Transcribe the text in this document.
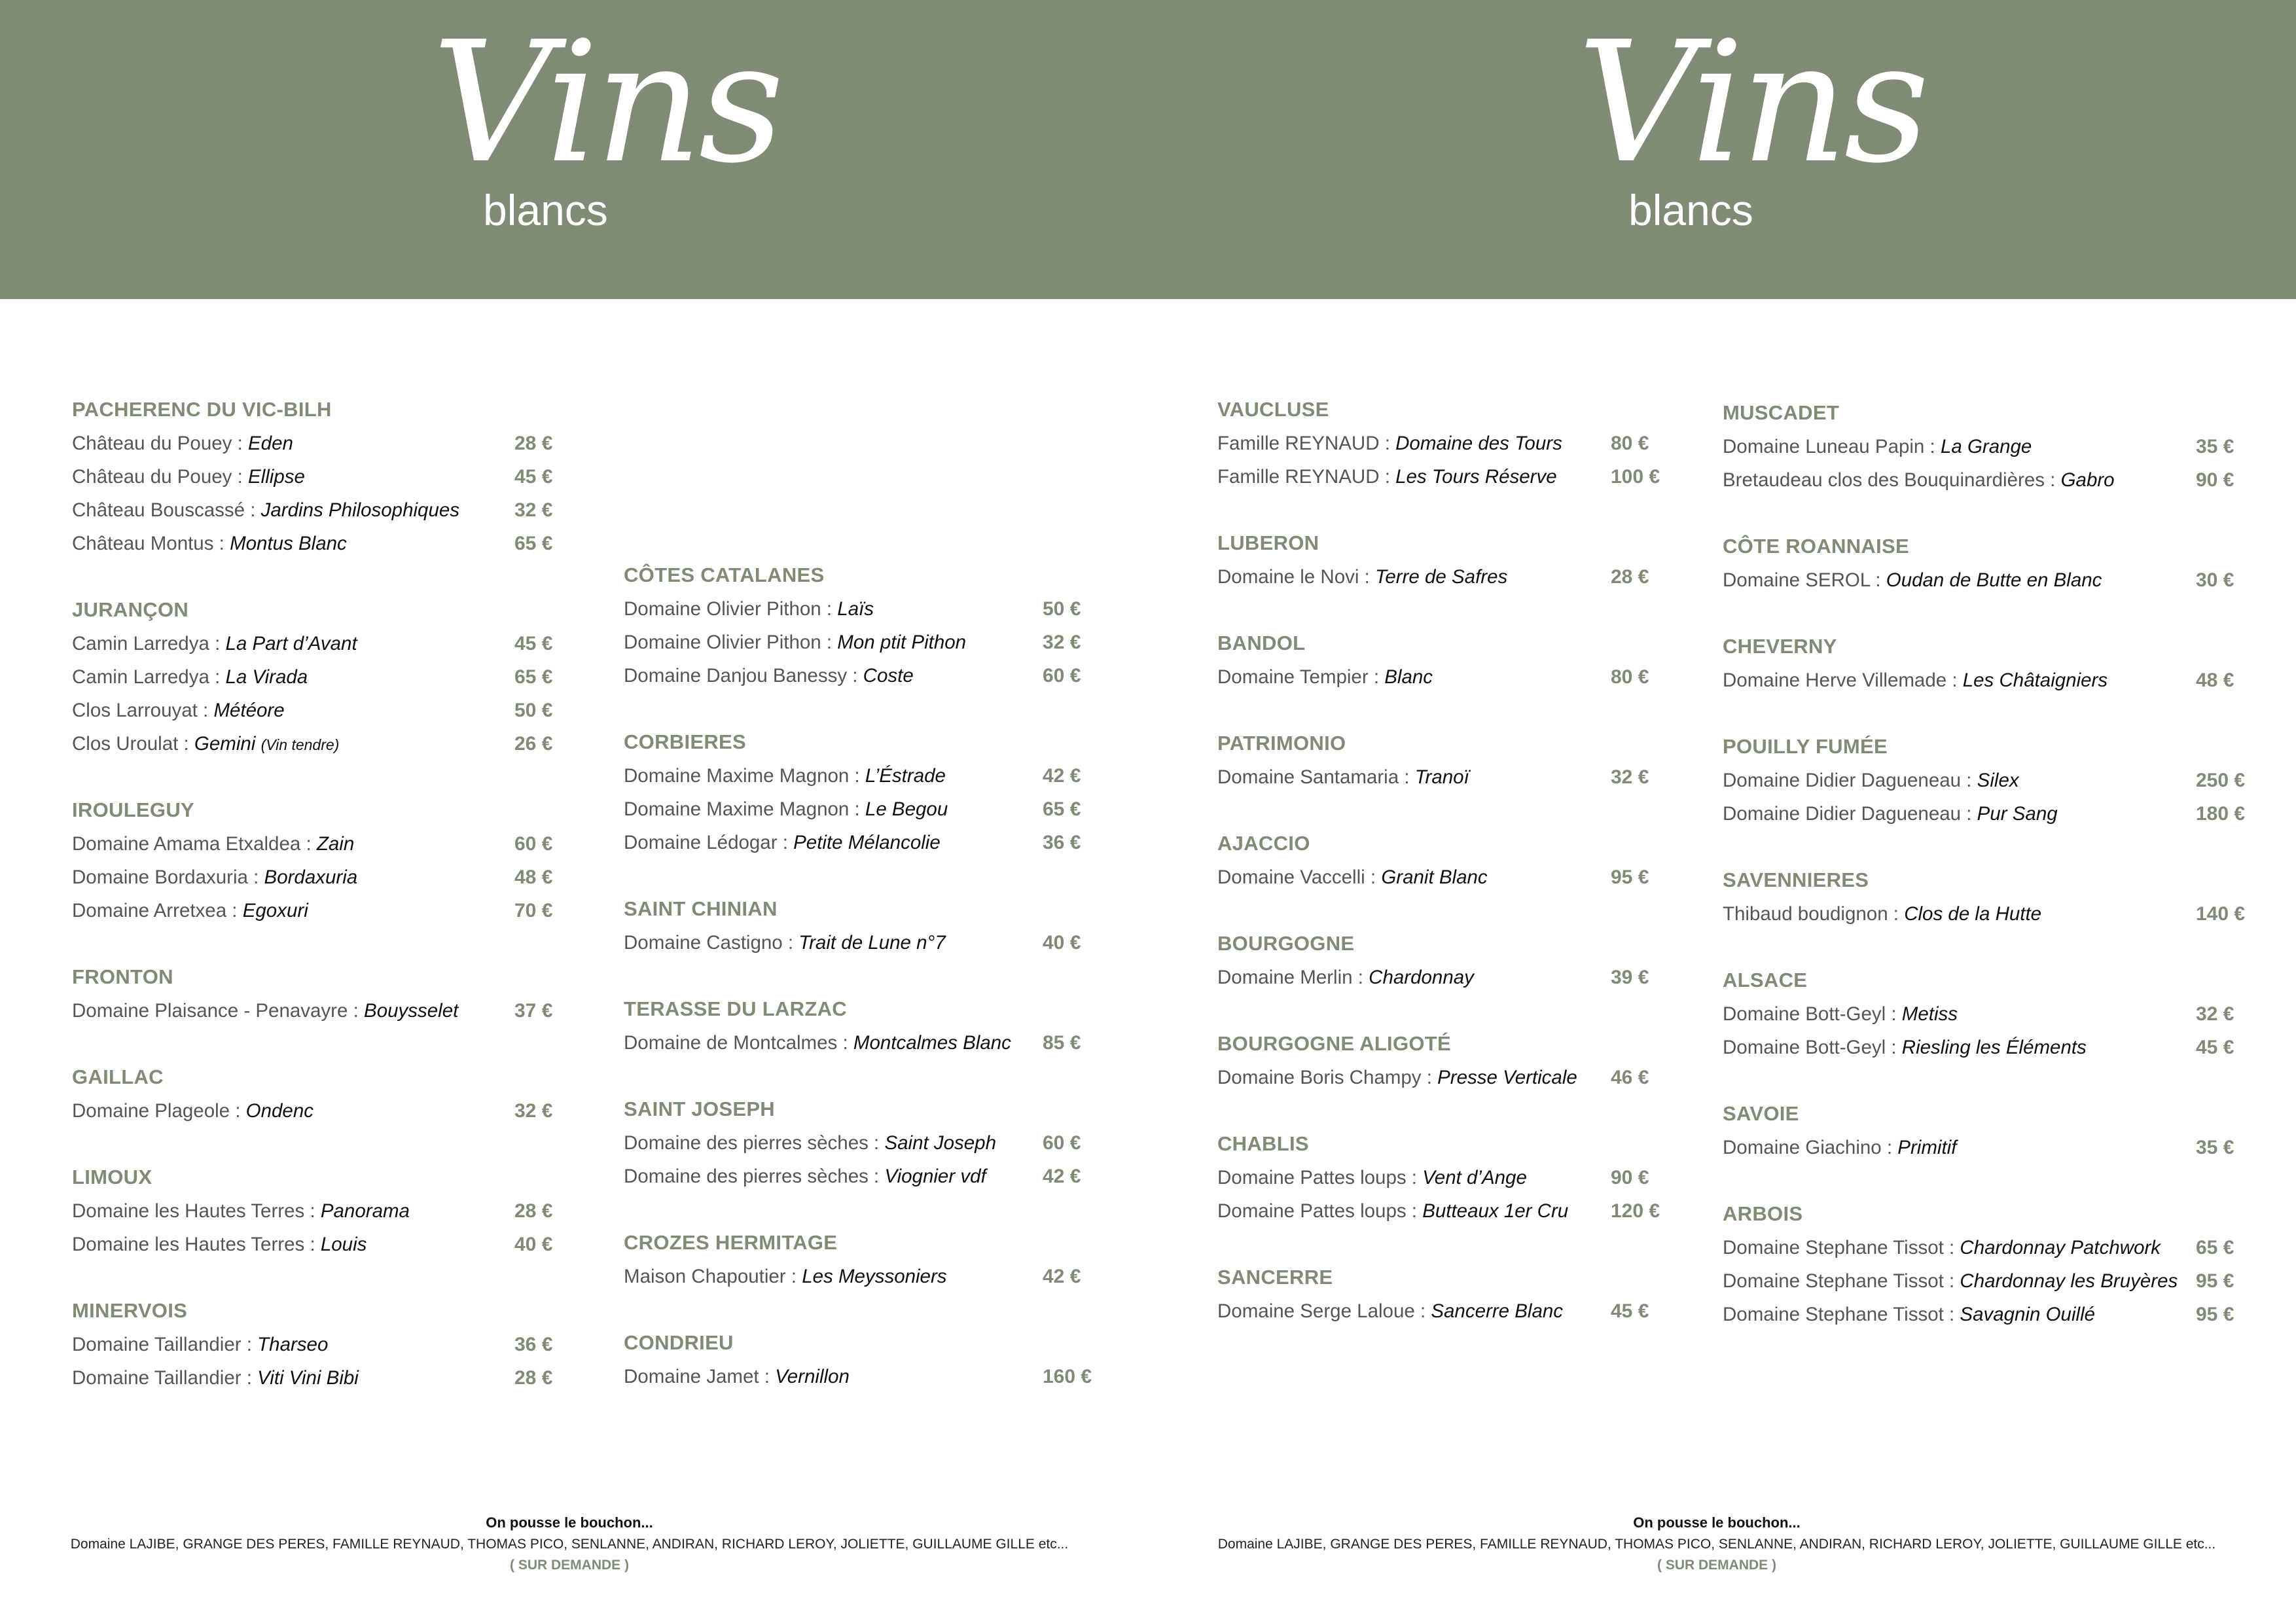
Vins
blancs
Vins
blancs
PACHERENC DU VIC-BILH
Château du Pouey : Eden	28 €
Château du Pouey : Ellipse	45 €
Château Bouscassé : Jardins Philosophiques	32 €
Château Montus : Montus Blanc	65 €
JURANÇON
Camin Larredya : La Part d’Avant	45 €
Camin Larredya : La Virada	65 €
Clos Larrouyat : Météore	50 €
Clos Uroulat : Gemini (Vin tendre)	26 €
IROULEGUY
Domaine Amama Etxaldea : Zain	60 €
Domaine Bordaxuria : Bordaxuria	48 €
Domaine Arretxea : Egoxuri	70 €
FRONTON
Domaine Plaisance - Penavayre : Bouysselet	37 €
GAILLAC
Domaine Plageole : Ondenc	32 €
LIMOUX
Domaine les Hautes Terres : Panorama	28 €
Domaine les Hautes Terres : Louis	40 €
MINERVOIS
Domaine Taillandier : Tharseo	36 €
Domaine Taillandier : Viti Vini Bibi	28 €
CÔTES CATALANES
Domaine Olivier Pithon : Laïs	50 €
Domaine Olivier Pithon : Mon ptit Pithon	32 €
Domaine Danjou Banessy : Coste	60 €
CORBIERES
Domaine Maxime Magnon : L’Éstrade	42 €
Domaine Maxime Magnon : Le Begou	65 €
Domaine Lédogar : Petite Mélancolie	36 €
SAINT CHINIAN
Domaine Castigno : Trait de Lune n°7	40 €
TERASSE DU LARZAC
Domaine de Montcalmes : Montcalmes Blanc 85 €
SAINT JOSEPH
Domaine des pierres sèches : Saint Joseph 60 €
Domaine des pierres sèches : Viognier vdf	42 €
CROZES HERMITAGE
Maison Chapoutier : Les Meyssoniers	42 €
CONDRIEU
Domaine Jamet : Vernillon	160 €
VAUCLUSE
Famille REYNAUD : Domaine des Tours 80 €
Famille REYNAUD : Les Tours Réserve	100 €
LUBERON
Domaine le Novi : Terre de Safres	28 €
BANDOL
Domaine Tempier : Blanc	80 €
PATRIMONIO
Domaine Santamaria : Tranoï	32 €
AJACCIO
Domaine Vaccelli : Granit Blanc	95 €
BOURGOGNE
Domaine Merlin : Chardonnay	39 €
BOURGOGNE ALIGOTÉ
Domaine Boris Champy : Presse Verticale 46 €
CHABLIS
Domaine Pattes loups : Vent d’Ange	90 €
Domaine Pattes loups : Butteaux 1er Cru 120 €
SANCERRE
Domaine Serge Laloue : Sancerre Blanc 45 €
MUSCADET
Domaine Luneau Papin : La Grange	35 €
Bretaudeau clos des Bouquinardières : Gabro	90 €
CÔTE ROANNAISE
Domaine SEROL : Oudan de Butte en Blanc	30 €
CHEVERNY
Domaine Herve Villemade : Les Châtaigniers	48 €
POUILLY FUMÉE
Domaine Didier Dagueneau : Silex	250 €
Domaine Didier Dagueneau : Pur Sang	180 €
SAVENNIERES
Thibaud boudignon : Clos de la Hutte	140 €
ALSACE
Domaine Bott-Geyl : Metiss	32 €
Domaine Bott-Geyl : Riesling les Éléments	45 €
SAVOIE
Domaine Giachino : Primitif	35 €
ARBOIS
Domaine Stephane Tissot : Chardonnay Patchwork 65 €
Domaine Stephane Tissot : Chardonnay les Bruyères 95 €
Domaine Stephane Tissot : Savagnin Ouillé	95 €
On pousse le bouchon...
Domaine LAJIBE, GRANGE DES PERES, FAMILLE REYNAUD, THOMAS PICO, SENLANNE, ANDIRAN, RICHARD LEROY, JOLIETTE, GUILLAUME GILLE etc...
( SUR DEMANDE )
On pousse le bouchon...
Domaine LAJIBE, GRANGE DES PERES, FAMILLE REYNAUD, THOMAS PICO, SENLANNE, ANDIRAN, RICHARD LEROY, JOLIETTE, GUILLAUME GILLE etc...
( SUR DEMANDE )
